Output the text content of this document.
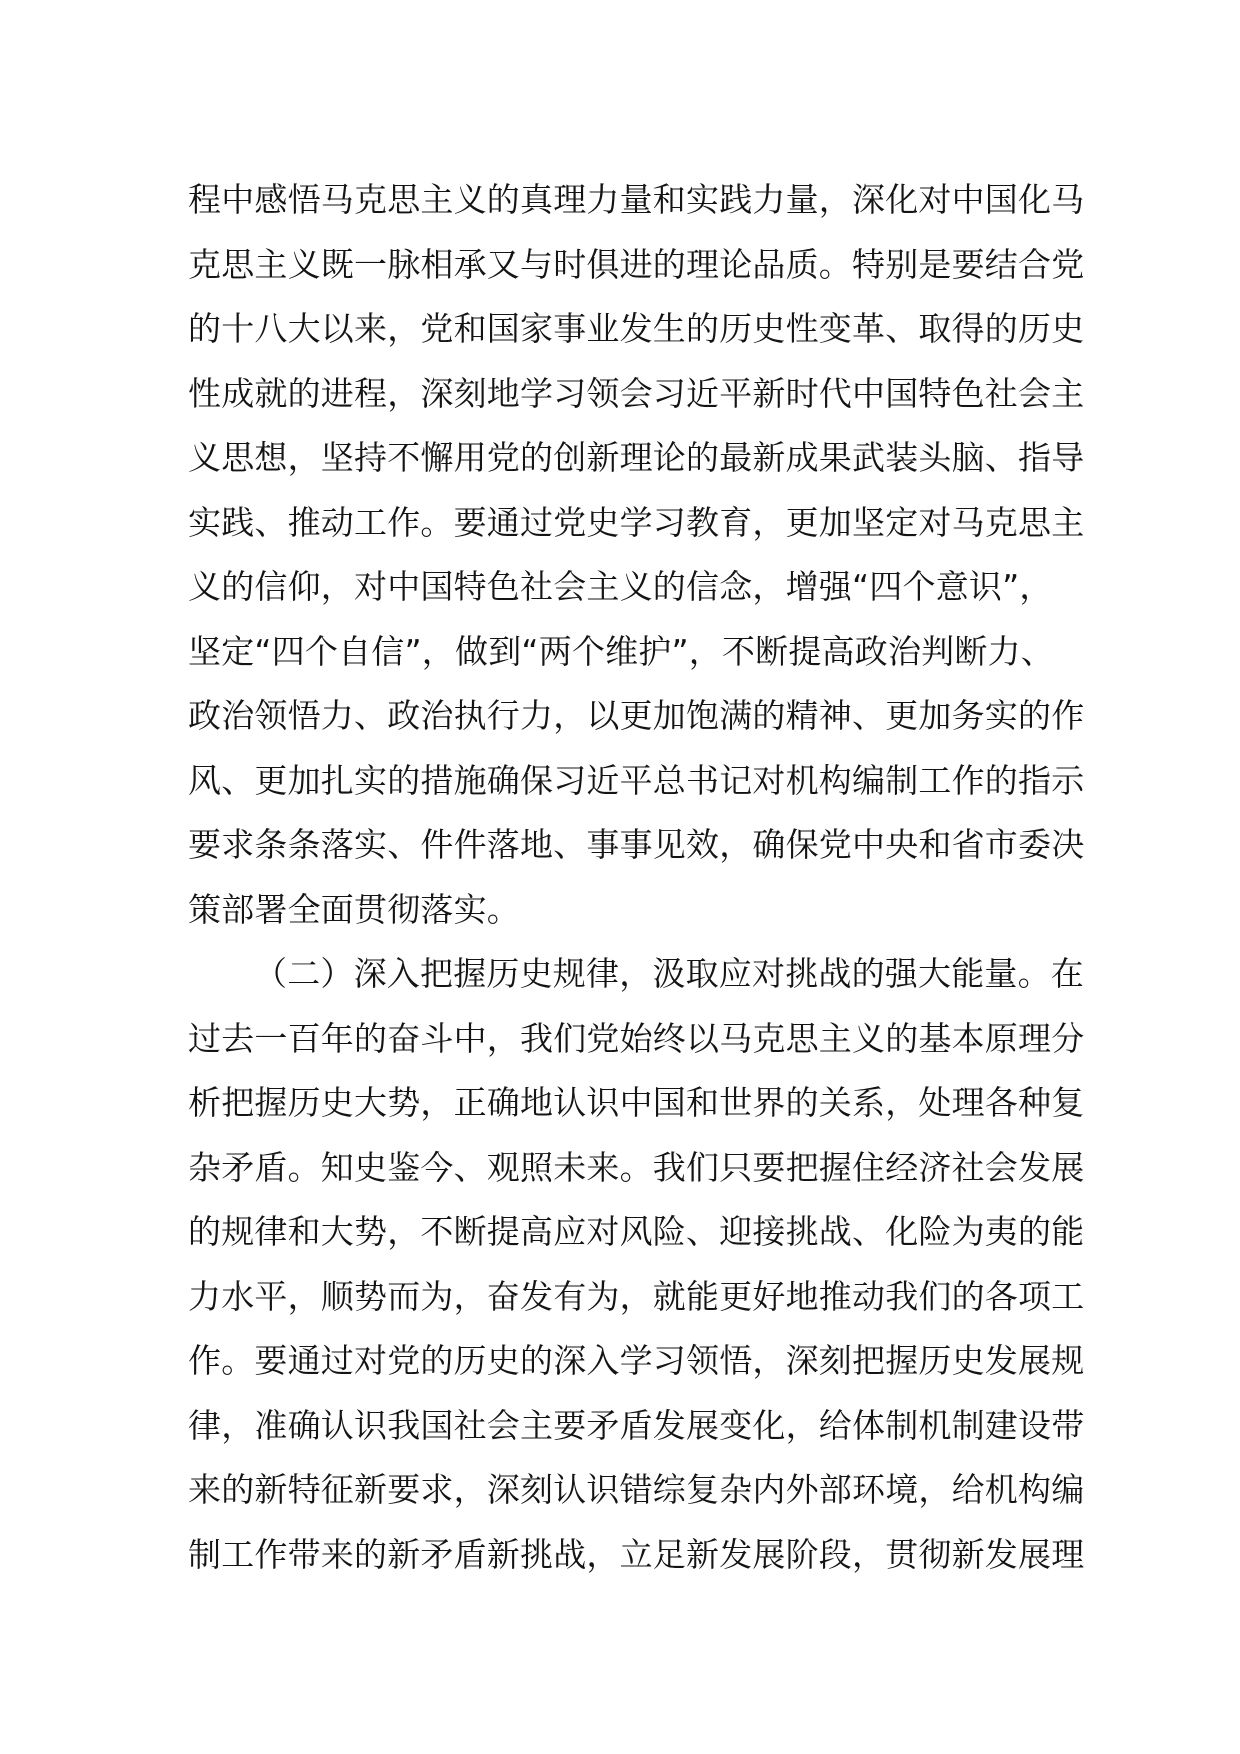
程中感悟马克思主义的真理力量和实践力量，深化对中国化马
克思主义既一脉相承又与时俱进的理论品质。特别是要结合党
的十八大以来，党和国家事业发生的历史性变革、取得的历史
性成就的进程，深刻地学习领会习近平新时代中国特色社会主
义思想，坚持不懈用党的创新理论的最新成果武装头脑、指导
实践、推动工作。要通过党史学习教育，更加坚定对马克思主
义的信仰，对中国特色社会主义的信念，增强“四个意识”，
坚定“四个自信”，做到“两个维护”，不断提高政治判断力、
政治领悟力、政治执行力，以更加饱满的精神、更加务实的作
风、更加扎实的措施确保习近平总书记对机构编制工作的指示
要求条条落实、件件落地、事事见效，确保党中央和省市委决
策部署全面贯彻落实。
（二）深入把握历史规律，汲取应对挑战的强大能量。在
过去一百年的奋斗中，我们党始终以马克思主义的基本原理分
析把握历史大势，正确地认识中国和世界的关系，处理各种复
杂矛盾。知史鉴今、观照未来。我们只要把握住经济社会发展
的规律和大势，不断提高应对风险、迎接挑战、化险为夷的能
力水平，顺势而为，奋发有为，就能更好地推动我们的各项工
作。要通过对党的历史的深入学习领悟，深刻把握历史发展规
律，准确认识我国社会主要矛盾发展变化，给体制机制建设带
来的新特征新要求，深刻认识错综复杂内外部环境，给机构编
制工作带来的新矛盾新挑战，立足新发展阶段，贯彻新发展理
